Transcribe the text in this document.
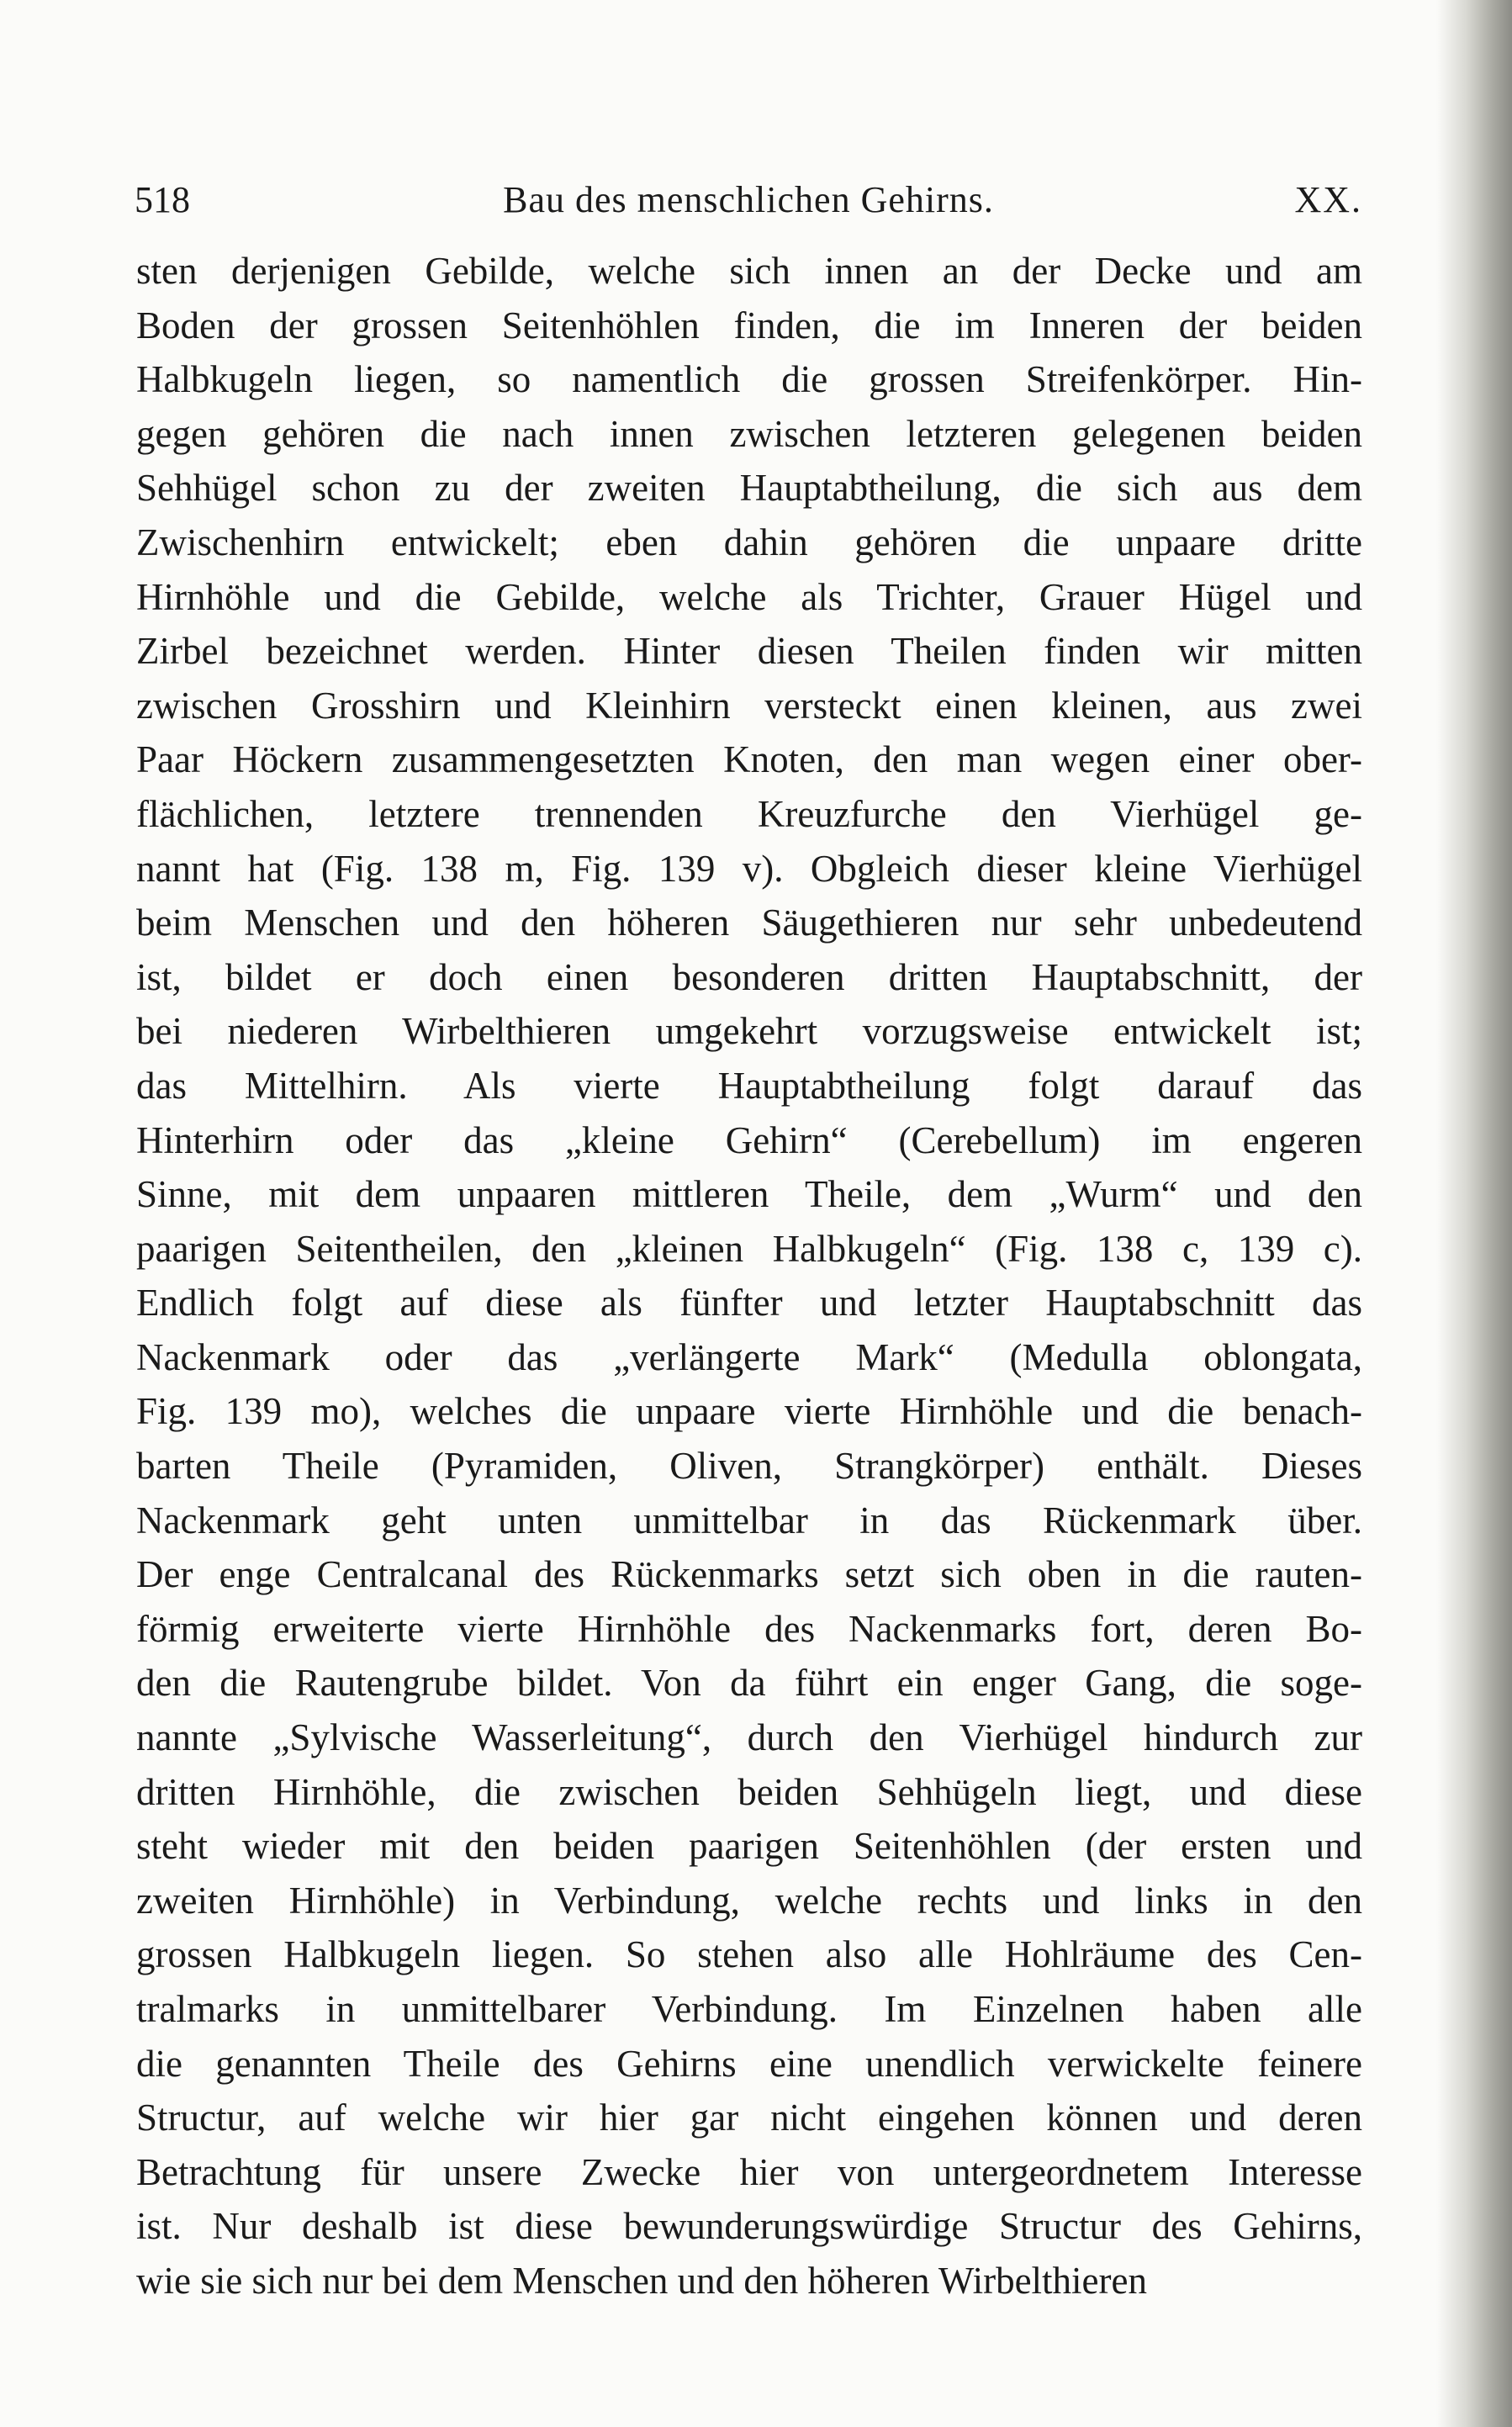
518	Bau des menschlichen Gehirns.	XX.
sten derjenigen Gebilde, welche sich innen an der Decke und am
Boden der grossen Seitenhöhlen finden, die im Inneren der beiden
Halbkugeln liegen, so namentlich die grossen Streifenkörper. Hin-
gegen gehören die nach innen zwischen letzteren gelegenen beiden
Sehhügel schon zu der zweiten Hauptabtheilung, die sich aus dem
Zwischenhirn entwickelt; eben dahin gehören die unpaare dritte
Hirnhöhle und die Gebilde, welche als Trichter, Grauer Hügel und
Zirbel bezeichnet werden. Hinter diesen Theilen finden wir mitten
zwischen Grosshirn und Kleinhirn versteckt einen kleinen, aus zwei
Paar Höckern zusammengesetzten Knoten, den man wegen einer ober-
flächlichen, letztere trennenden Kreuzfurche den Vierhügel ge-
nannt hat (Fig. 138 m, Fig. 139 v). Obgleich dieser kleine Vierhügel
beim Menschen und den höheren Säugethieren nur sehr unbedeutend
ist, bildet er doch einen besonderen dritten Hauptabschnitt, der
bei niederen Wirbelthieren umgekehrt vorzugsweise entwickelt ist;
das Mittelhirn. Als vierte Hauptabtheilung folgt darauf das
Hinterhirn oder das „kleine Gehirn“ (Cerebellum) im engeren
Sinne, mit dem unpaaren mittleren Theile, dem „Wurm“ und den
paarigen Seitentheilen, den „kleinen Halbkugeln“ (Fig. 138 c, 139 c).
Endlich folgt auf diese als fünfter und letzter Hauptabschnitt das
Nackenmark oder das „verlängerte Mark“ (Medulla oblongata,
Fig. 139 mo), welches die unpaare vierte Hirnhöhle und die benach-
barten Theile (Pyramiden, Oliven, Strangkörper) enthält. Dieses
Nackenmark geht unten unmittelbar in das Rückenmark über.
Der enge Centralcanal des Rückenmarks setzt sich oben in die rauten-
förmig erweiterte vierte Hirnhöhle des Nackenmarks fort, deren Bo-
den die Rautengrube bildet. Von da führt ein enger Gang, die soge-
nannte „Sylvische Wasserleitung“, durch den Vierhügel hindurch zur
dritten Hirnhöhle, die zwischen beiden Sehhügeln liegt, und diese
steht wieder mit den beiden paarigen Seitenhöhlen (der ersten und
zweiten Hirnhöhle) in Verbindung, welche rechts und links in den
grossen Halbkugeln liegen. So stehen also alle Hohlräume des Cen-
tralmarks in unmittelbarer Verbindung. Im Einzelnen haben alle
die genannten Theile des Gehirns eine unendlich verwickelte feinere
Structur, auf welche wir hier gar nicht eingehen können und deren
Betrachtung für unsere Zwecke hier von untergeordnetem Interesse
ist. Nur deshalb ist diese bewunderungswürdige Structur des Gehirns,
wie sie sich nur bei dem Menschen und den höheren Wirbelthieren
